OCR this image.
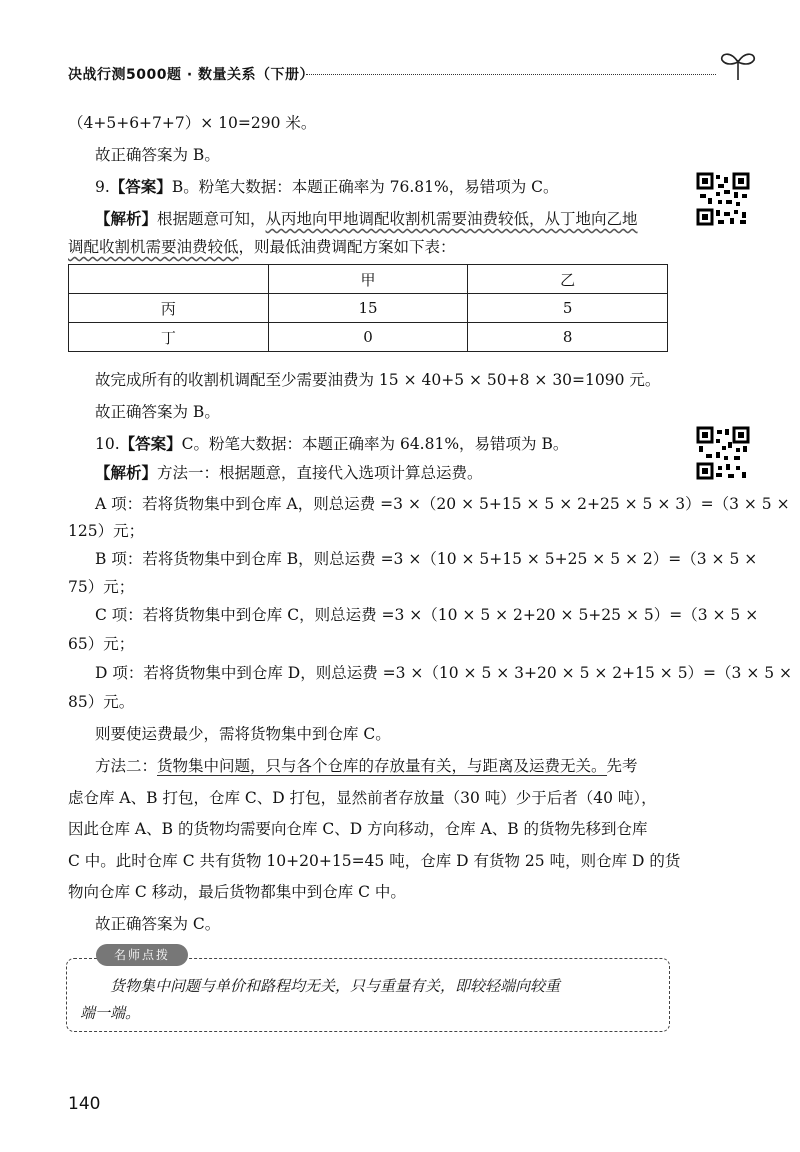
决战行测5000题 · 数量关系（下册）
（4+5+6+7+7）× 10=290 米。
故正确答案为 B。
9.【答案】B。粉笔大数据：本题正确率为 76.81%，易错项为 C。
【解析】根据题意可知，从丙地向甲地调配收割机需要油费较低，从丁地向乙地
调配收割机需要油费较低，则最低油费调配方案如下表：
	甲	乙
丙	15	5
丁	0	8
故完成所有的收割机调配至少需要油费为 15 × 40+5 × 50+8 × 30=1090 元。
故正确答案为 B。
10.【答案】C。粉笔大数据：本题正确率为 64.81%，易错项为 B。
【解析】方法一：根据题意，直接代入选项计算总运费。
A 项：若将货物集中到仓库 A，则总运费 =3 ×（20 × 5+15 × 5 × 2+25 × 5 × 3）=（3 × 5 ×
125）元；
B 项：若将货物集中到仓库 B，则总运费 =3 ×（10 × 5+15 × 5+25 × 5 × 2）=（3 × 5 ×
75）元；
C 项：若将货物集中到仓库 C，则总运费 =3 ×（10 × 5 × 2+20 × 5+25 × 5）=（3 × 5 ×
65）元；
D 项：若将货物集中到仓库 D，则总运费 =3 ×（10 × 5 × 3+20 × 5 × 2+15 × 5）=（3 × 5 ×
85）元。
则要使运费最少，需将货物集中到仓库 C。
方法二：货物集中问题，只与各个仓库的存放量有关，与距离及运费无关。先考
虑仓库 A、B 打包，仓库 C、D 打包，显然前者存放量（30 吨）少于后者（40 吨），
因此仓库 A、B 的货物均需要向仓库 C、D 方向移动，仓库 A、B 的货物先移到仓库
C 中。此时仓库 C 共有货物 10+20+15=45 吨，仓库 D 有货物 25 吨，则仓库 D 的货
物向仓库 C 移动，最后货物都集中到仓库 C 中。
故正确答案为 C。
名师点拨
货物集中问题与单价和路程均无关，只与重量有关，即较轻端向较重
端一端。
140
